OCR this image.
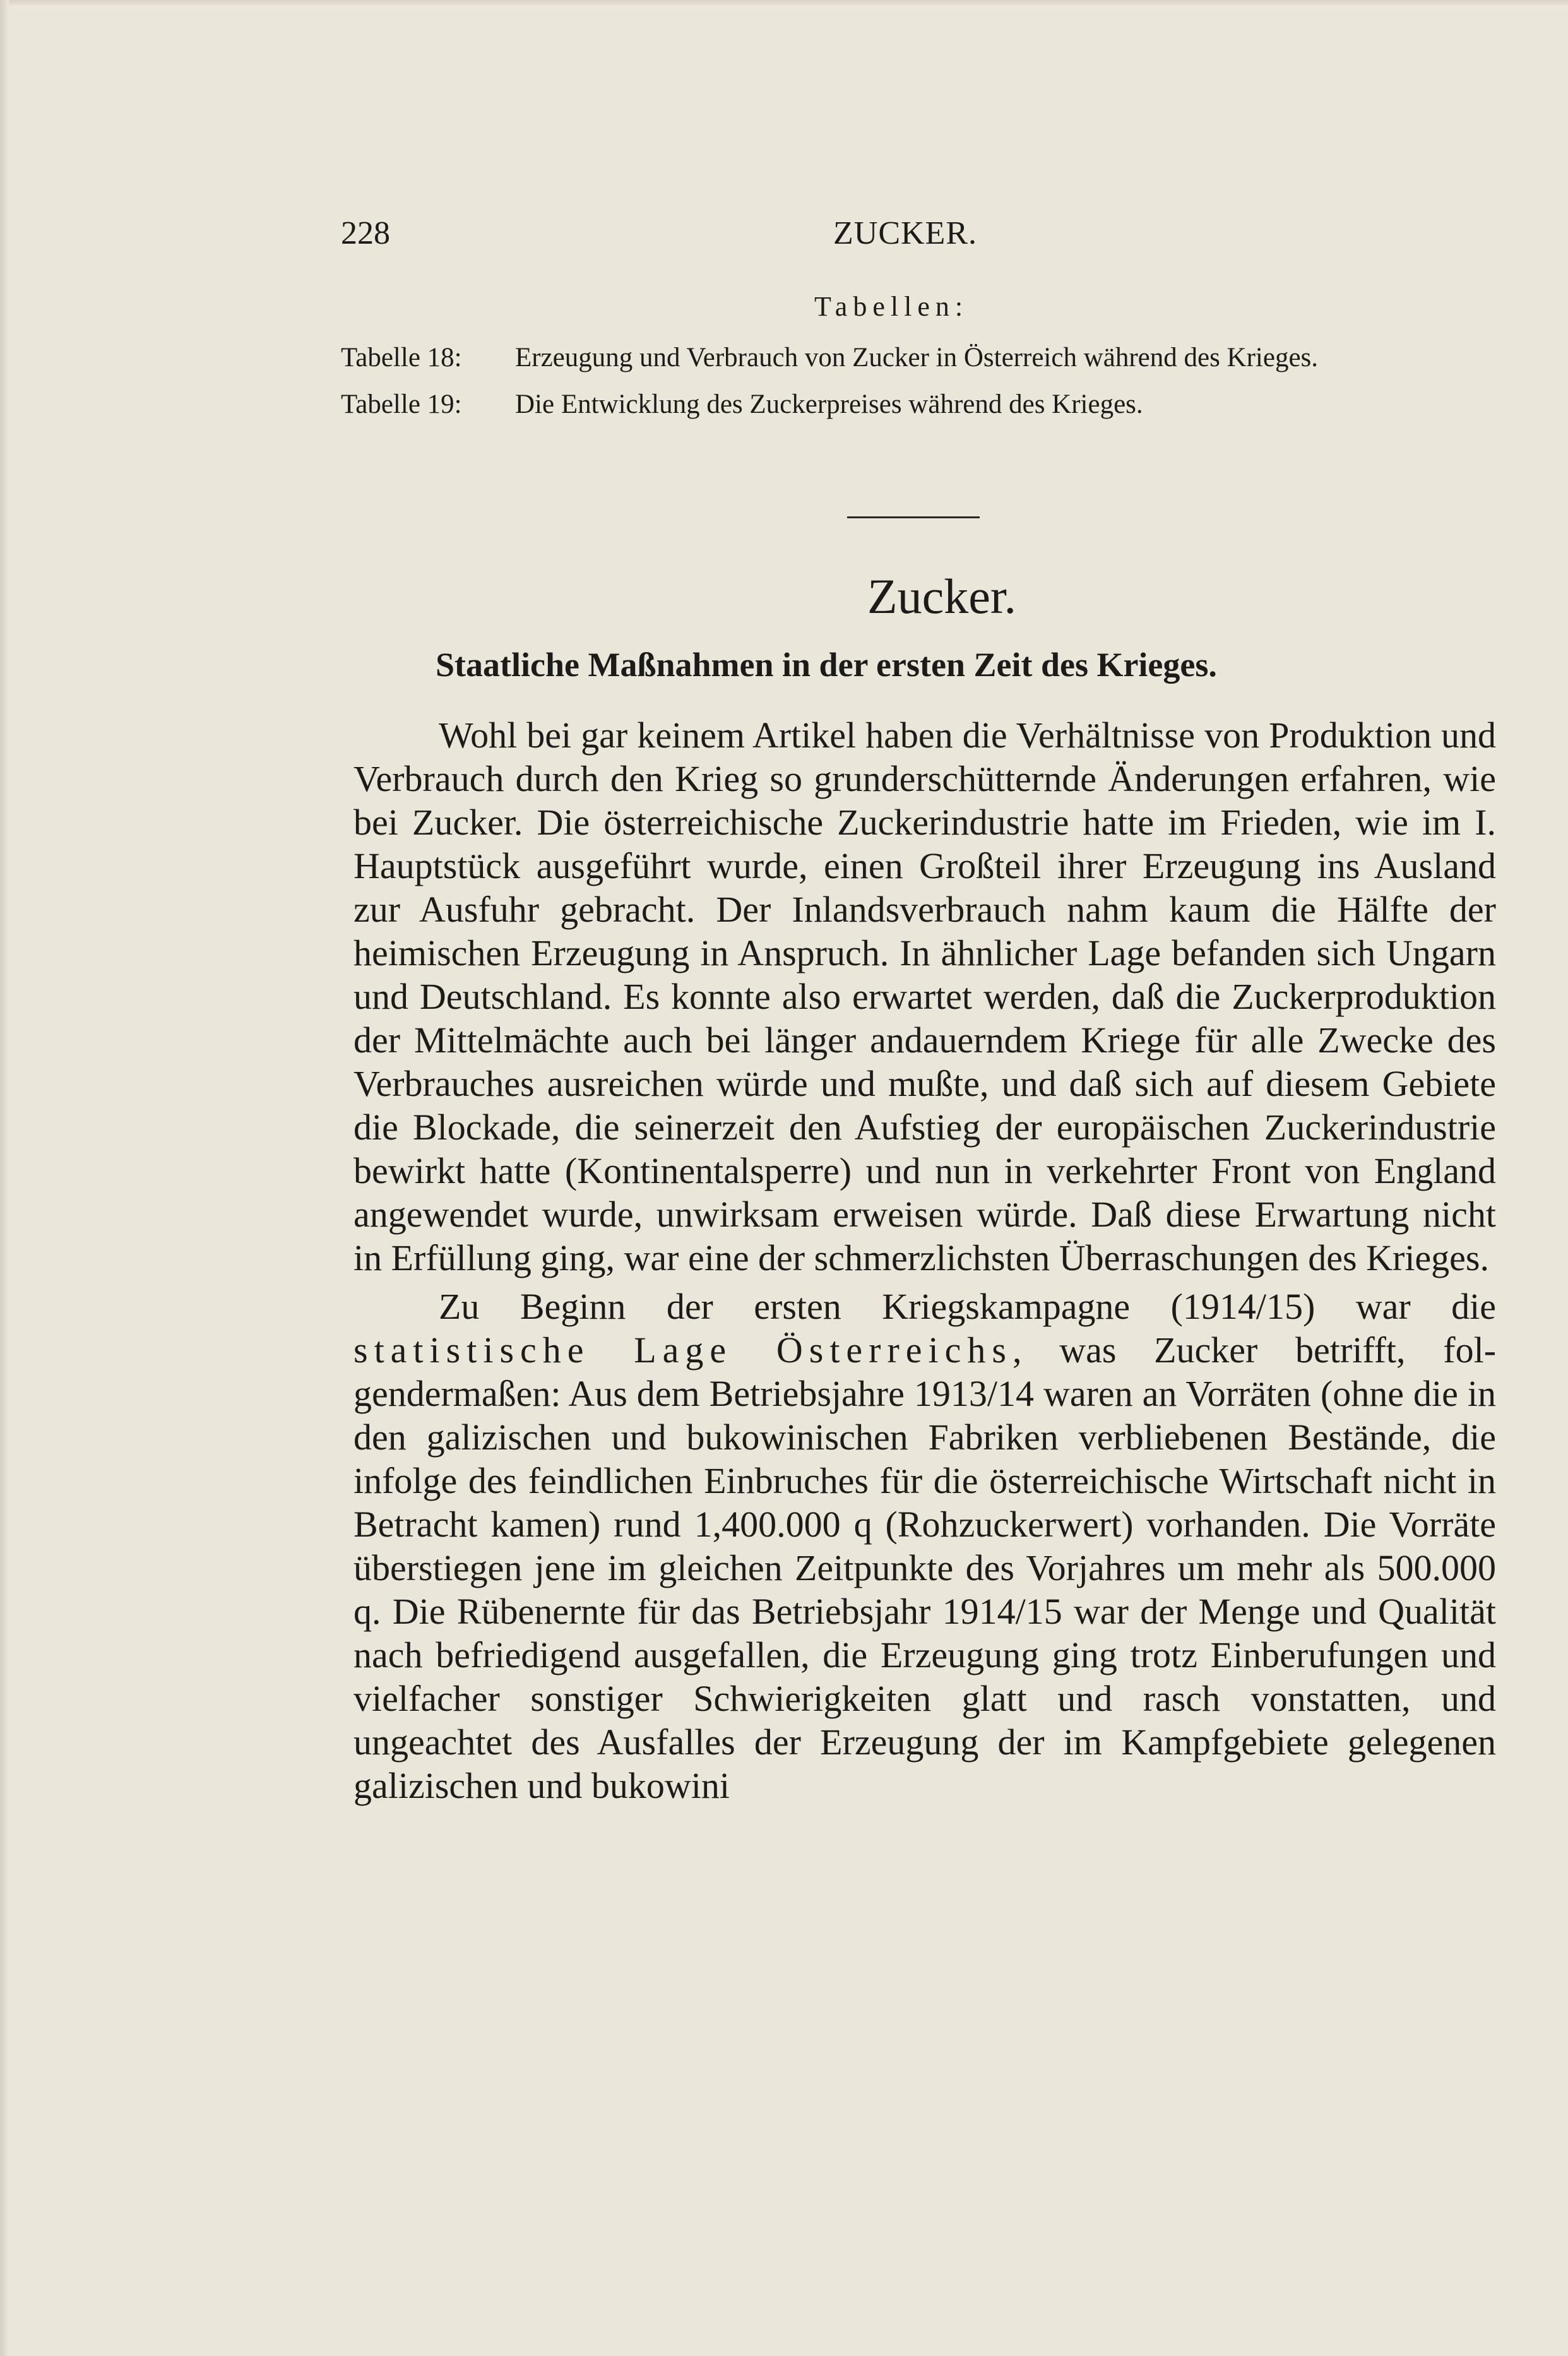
228	ZUCKER.
Tabellen:
Tabelle 18:	Erzeugung und Verbrauch von Zucker in Österreich während des Krieges.
Tabelle 19:	Die Entwicklung des Zuckerpreises während des Krieges.
Zucker.
Staatliche Maßnahmen in der ersten Zeit des Krieges.

Wohl bei gar keinem Artikel haben die Verhältnisse von Produktion und Verbrauch durch den Krieg so grunderschütternde Änderungen erfahren, wie bei Zucker. Die österreichische Zuckerindustrie hatte im Frieden, wie im I. Hauptstück ausgeführt wurde, einen Großteil ihrer Erzeugung ins Ausland zur Ausfuhr gebracht. Der Inlandsverbrauch nahm kaum die Hälfte der heimischen Erzeugung in Anspruch. In ähnlicher Lage befanden sich Ungarn und Deutschland. Es konnte also erwartet werden, daß die Zuckerproduktion der Mittelmächte auch bei länger andauerndem Kriege für alle Zwecke des Verbrauches ausreichen würde und mußte, und daß sich auf diesem Gebiete die Blockade, die seinerzeit den Aufstieg der europäischen Zuckerindustrie bewirkt hatte (Kontinentalsperre) und nun in verkehrter Front von England angewendet wurde, unwirksam erweisen würde. Daß diese Erwartung nicht in Erfüllung ging, war eine der schmerzlichsten Überraschungen des Krieges.

Zu Beginn der ersten Kriegskampagne (1914/15) war die statistische Lage Österreichs, was Zucker betrifft, folgendermaßen: Aus dem Betriebsjahre 1913/14 waren an Vorräten (ohne die in den galizischen und bukowinischen Fabriken verbliebenen Bestände, die infolge des feindlichen Einbruches für die österreichische Wirtschaft nicht in Betracht kamen) rund 1,400.000 q (Rohzuckerwert) vorhanden. Die Vorräte überstiegen jene im gleichen Zeitpunkte des Vorjahres um mehr als 500.000 q. Die Rübenernte für das Betriebsjahr 1914/15 war der Menge und Qualität nach befriedigend ausgefallen, die Erzeugung ging trotz Einberufungen und vielfacher sonstiger Schwierigkeiten glatt und rasch vonstatten, und ungeachtet des Ausfalles der Erzeugung der im Kampfgebiete gelegenen galizischen und bukowini
